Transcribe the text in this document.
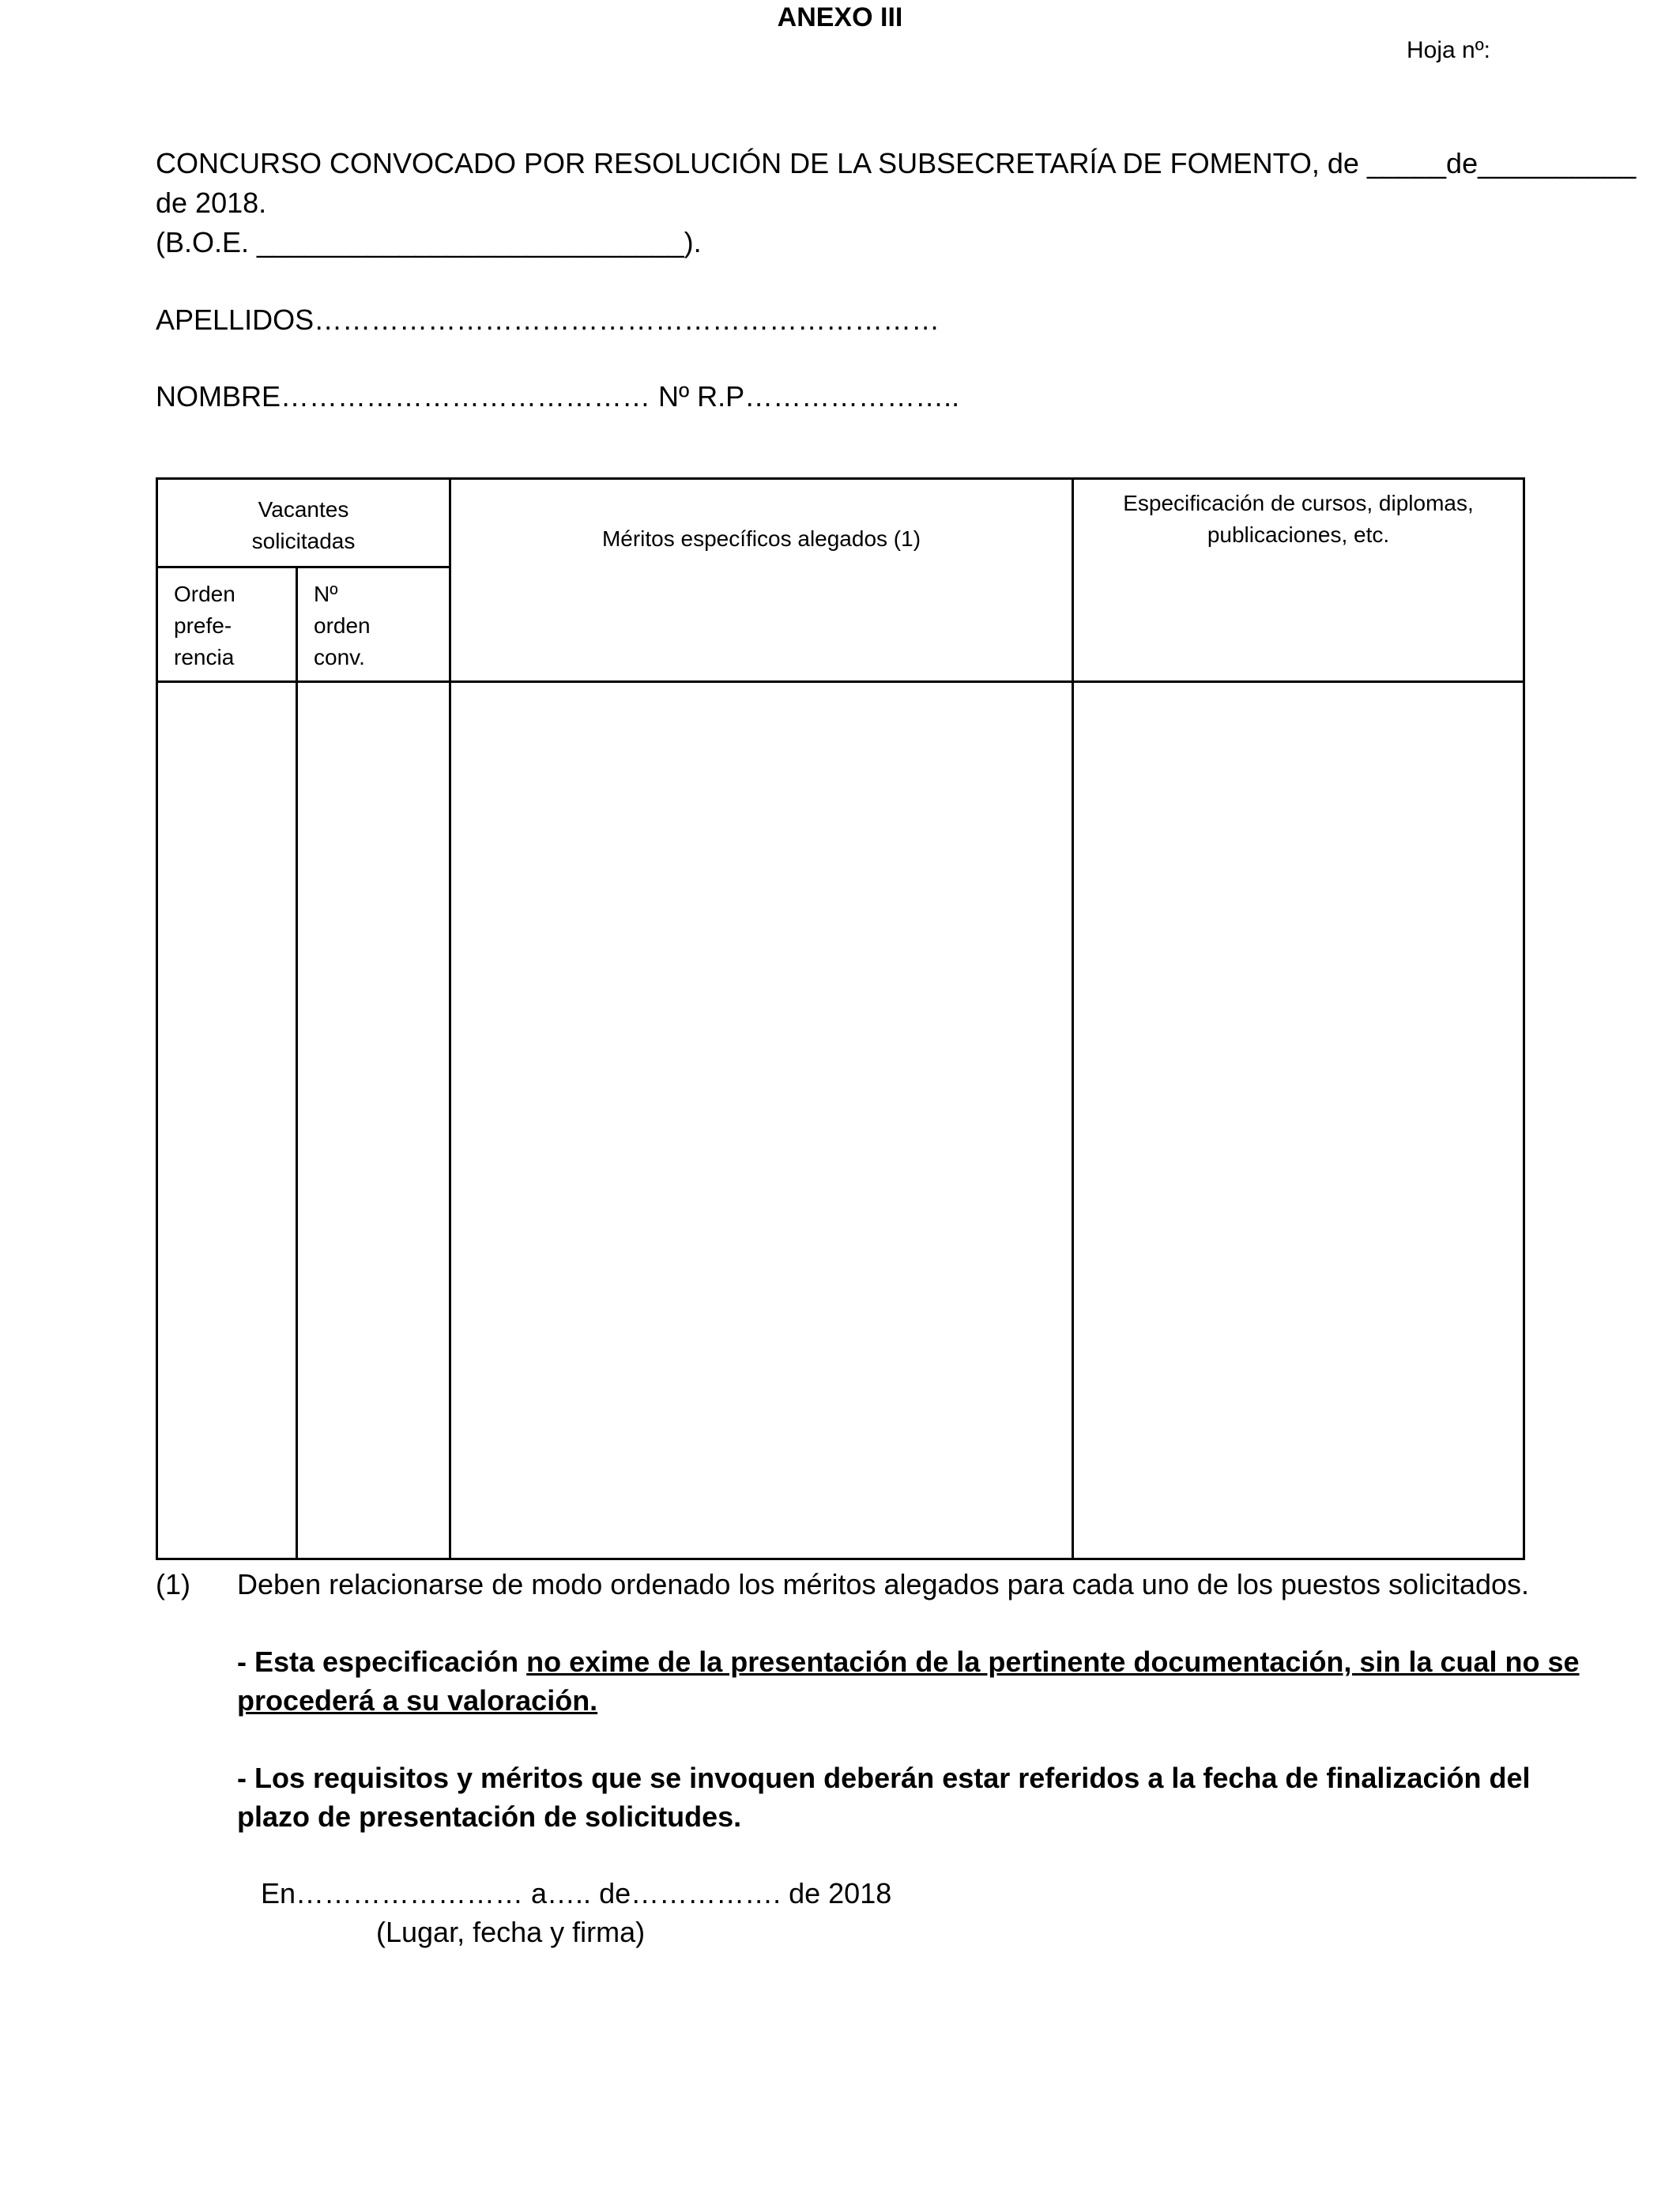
ANEXO III
Hoja nº:
CONCURSO CONVOCADO POR RESOLUCIÓN DE LA SUBSECRETARÍA DE FOMENTO, de _____de__________
de 2018.
(B.O.E. ___________________________).
APELLIDOS…………………………………………………………
NOMBRE………………………………… Nº R.P…………………..
Vacantes
solicitadas
Orden
prefe-
rencia
Nº
orden
conv.
Méritos específicos alegados (1)
Especificación de cursos, diplomas,
publicaciones, etc.
(1) Deben relacionarse de modo ordenado los méritos alegados para cada uno de los puestos solicitados.
- Esta especificación no exime de la presentación de la pertinente documentación, sin la cual no se
procederá a su valoración.
- Los requisitos y méritos que se invoquen deberán estar referidos a la fecha de finalización del
plazo de presentación de solicitudes.
En…………………… a….. de……………. de 2018
(Lugar, fecha y firma)
